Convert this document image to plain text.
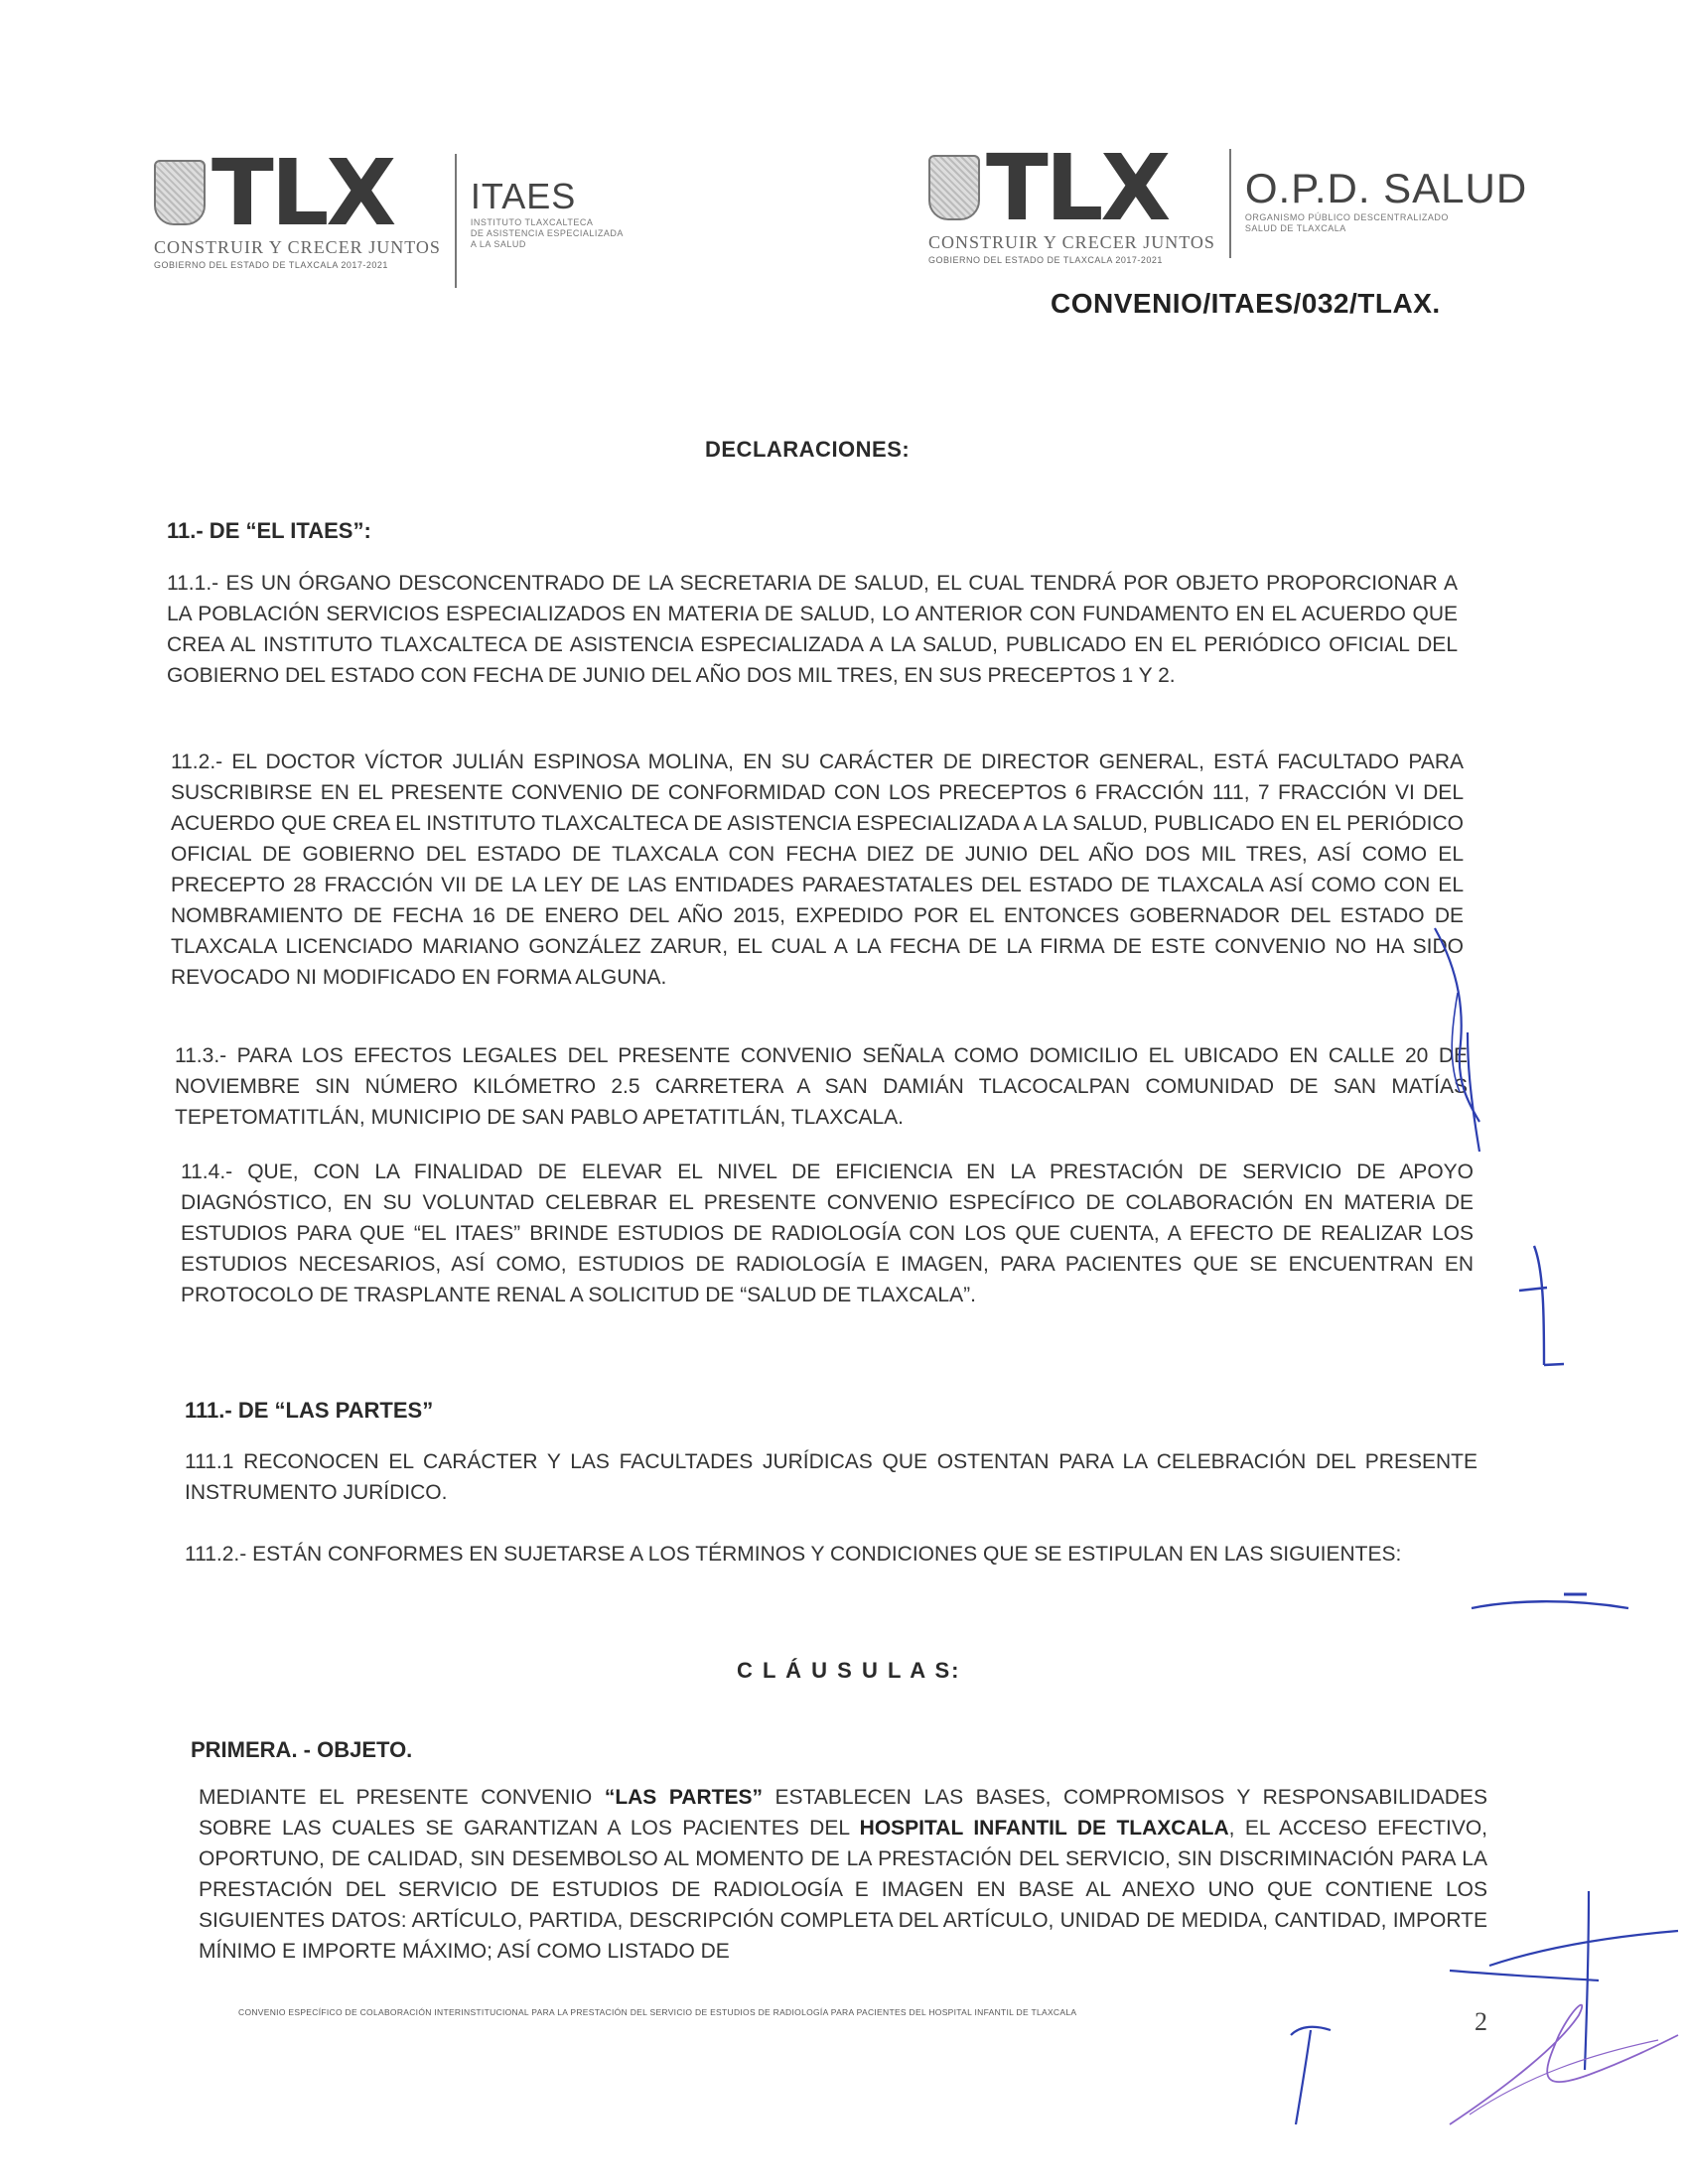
TLX
CONSTRUIR Y CRECER JUNTOS
GOBIERNO DEL ESTADO DE TLAXCALA 2017-2021
ITAES
INSTITUTO TLAXCALTECA
DE ASISTENCIA ESPECIALIZADA
A LA SALUD
TLX
CONSTRUIR Y CRECER JUNTOS
GOBIERNO DEL ESTADO DE TLAXCALA 2017-2021
O.P.D. SALUD
ORGANISMO PÚBLICO DESCENTRALIZADO
SALUD DE TLAXCALA
CONVENIO/ITAES/032/TLAX.
DECLARACIONES:
11.- DE “EL ITAES”:
11.1.- ES UN ÓRGANO DESCONCENTRADO DE LA SECRETARIA DE SALUD, EL CUAL TENDRÁ POR OBJETO PROPORCIONAR A LA POBLACIÓN SERVICIOS ESPECIALIZADOS EN MATERIA DE SALUD, LO ANTERIOR CON FUNDAMENTO EN EL ACUERDO QUE CREA AL INSTITUTO TLAXCALTECA DE ASISTENCIA ESPECIALIZADA A LA SALUD, PUBLICADO EN EL PERIÓDICO OFICIAL DEL GOBIERNO DEL ESTADO CON FECHA DE JUNIO DEL AÑO DOS MIL TRES, EN SUS PRECEPTOS 1 Y 2.
11.2.- EL DOCTOR VÍCTOR JULIÁN ESPINOSA MOLINA, EN SU CARÁCTER DE DIRECTOR GENERAL, ESTÁ FACULTADO PARA SUSCRIBIRSE EN EL PRESENTE CONVENIO DE CONFORMIDAD CON LOS PRECEPTOS 6 FRACCIÓN 111, 7 FRACCIÓN VI DEL ACUERDO QUE CREA EL INSTITUTO TLAXCALTECA DE ASISTENCIA ESPECIALIZADA A LA SALUD, PUBLICADO EN EL PERIÓDICO OFICIAL DE GOBIERNO DEL ESTADO DE TLAXCALA CON FECHA DIEZ DE JUNIO DEL AÑO DOS MIL TRES, ASÍ COMO EL PRECEPTO 28 FRACCIÓN VII DE LA LEY DE LAS ENTIDADES PARAESTATALES DEL ESTADO DE TLAXCALA ASÍ COMO CON EL NOMBRAMIENTO DE FECHA 16 DE ENERO DEL AÑO 2015, EXPEDIDO POR EL ENTONCES GOBERNADOR DEL ESTADO DE TLAXCALA LICENCIADO MARIANO GONZÁLEZ ZARUR, EL CUAL A LA FECHA DE LA FIRMA DE ESTE CONVENIO NO HA SIDO REVOCADO NI MODIFICADO EN FORMA ALGUNA.
11.3.- PARA LOS EFECTOS LEGALES DEL PRESENTE CONVENIO SEÑALA COMO DOMICILIO EL UBICADO EN CALLE 20 DE NOVIEMBRE SIN NÚMERO KILÓMETRO 2.5 CARRETERA A SAN DAMIÁN TLACOCALPAN COMUNIDAD DE SAN MATÍAS TEPETOMATITLÁN, MUNICIPIO DE SAN PABLO APETATITLÁN, TLAXCALA.
11.4.- QUE, CON LA FINALIDAD DE ELEVAR EL NIVEL DE EFICIENCIA EN LA PRESTACIÓN DE SERVICIO DE APOYO DIAGNÓSTICO, EN SU VOLUNTAD CELEBRAR EL PRESENTE CONVENIO ESPECÍFICO DE COLABORACIÓN EN MATERIA DE ESTUDIOS PARA QUE “EL ITAES” BRINDE ESTUDIOS DE RADIOLOGÍA CON LOS QUE CUENTA, A EFECTO DE REALIZAR LOS ESTUDIOS NECESARIOS, ASÍ COMO, ESTUDIOS DE RADIOLOGÍA E IMAGEN, PARA PACIENTES QUE SE ENCUENTRAN EN PROTOCOLO DE TRASPLANTE RENAL A SOLICITUD DE “SALUD DE TLAXCALA”.
111.- DE “LAS PARTES”
111.1 RECONOCEN EL CARÁCTER Y LAS FACULTADES JURÍDICAS QUE OSTENTAN PARA LA CELEBRACIÓN DEL PRESENTE INSTRUMENTO JURÍDICO.
111.2.- ESTÁN CONFORMES EN SUJETARSE A LOS TÉRMINOS Y CONDICIONES QUE SE ESTIPULAN EN LAS SIGUIENTES:
C L Á U S U L A S:
PRIMERA. - OBJETO.
MEDIANTE EL PRESENTE CONVENIO “LAS PARTES” ESTABLECEN LAS BASES, COMPROMISOS Y RESPONSABILIDADES SOBRE LAS CUALES SE GARANTIZAN A LOS PACIENTES DEL HOSPITAL INFANTIL DE TLAXCALA, EL ACCESO EFECTIVO, OPORTUNO, DE CALIDAD, SIN DESEMBOLSO AL MOMENTO DE LA PRESTACIÓN DEL SERVICIO, SIN DISCRIMINACIÓN PARA LA PRESTACIÓN DEL SERVICIO DE ESTUDIOS DE RADIOLOGÍA E IMAGEN EN BASE AL ANEXO UNO QUE CONTIENE LOS SIGUIENTES DATOS: ARTÍCULO, PARTIDA, DESCRIPCIÓN COMPLETA DEL ARTÍCULO, UNIDAD DE MEDIDA, CANTIDAD, IMPORTE MÍNIMO E IMPORTE MÁXIMO; ASÍ COMO LISTADO DE
CONVENIO ESPECÍFICO DE COLABORACIÓN INTERINSTITUCIONAL PARA LA PRESTACIÓN DEL SERVICIO DE ESTUDIOS DE RADIOLOGÍA PARA PACIENTES DEL HOSPITAL INFANTIL DE TLAXCALA	2
